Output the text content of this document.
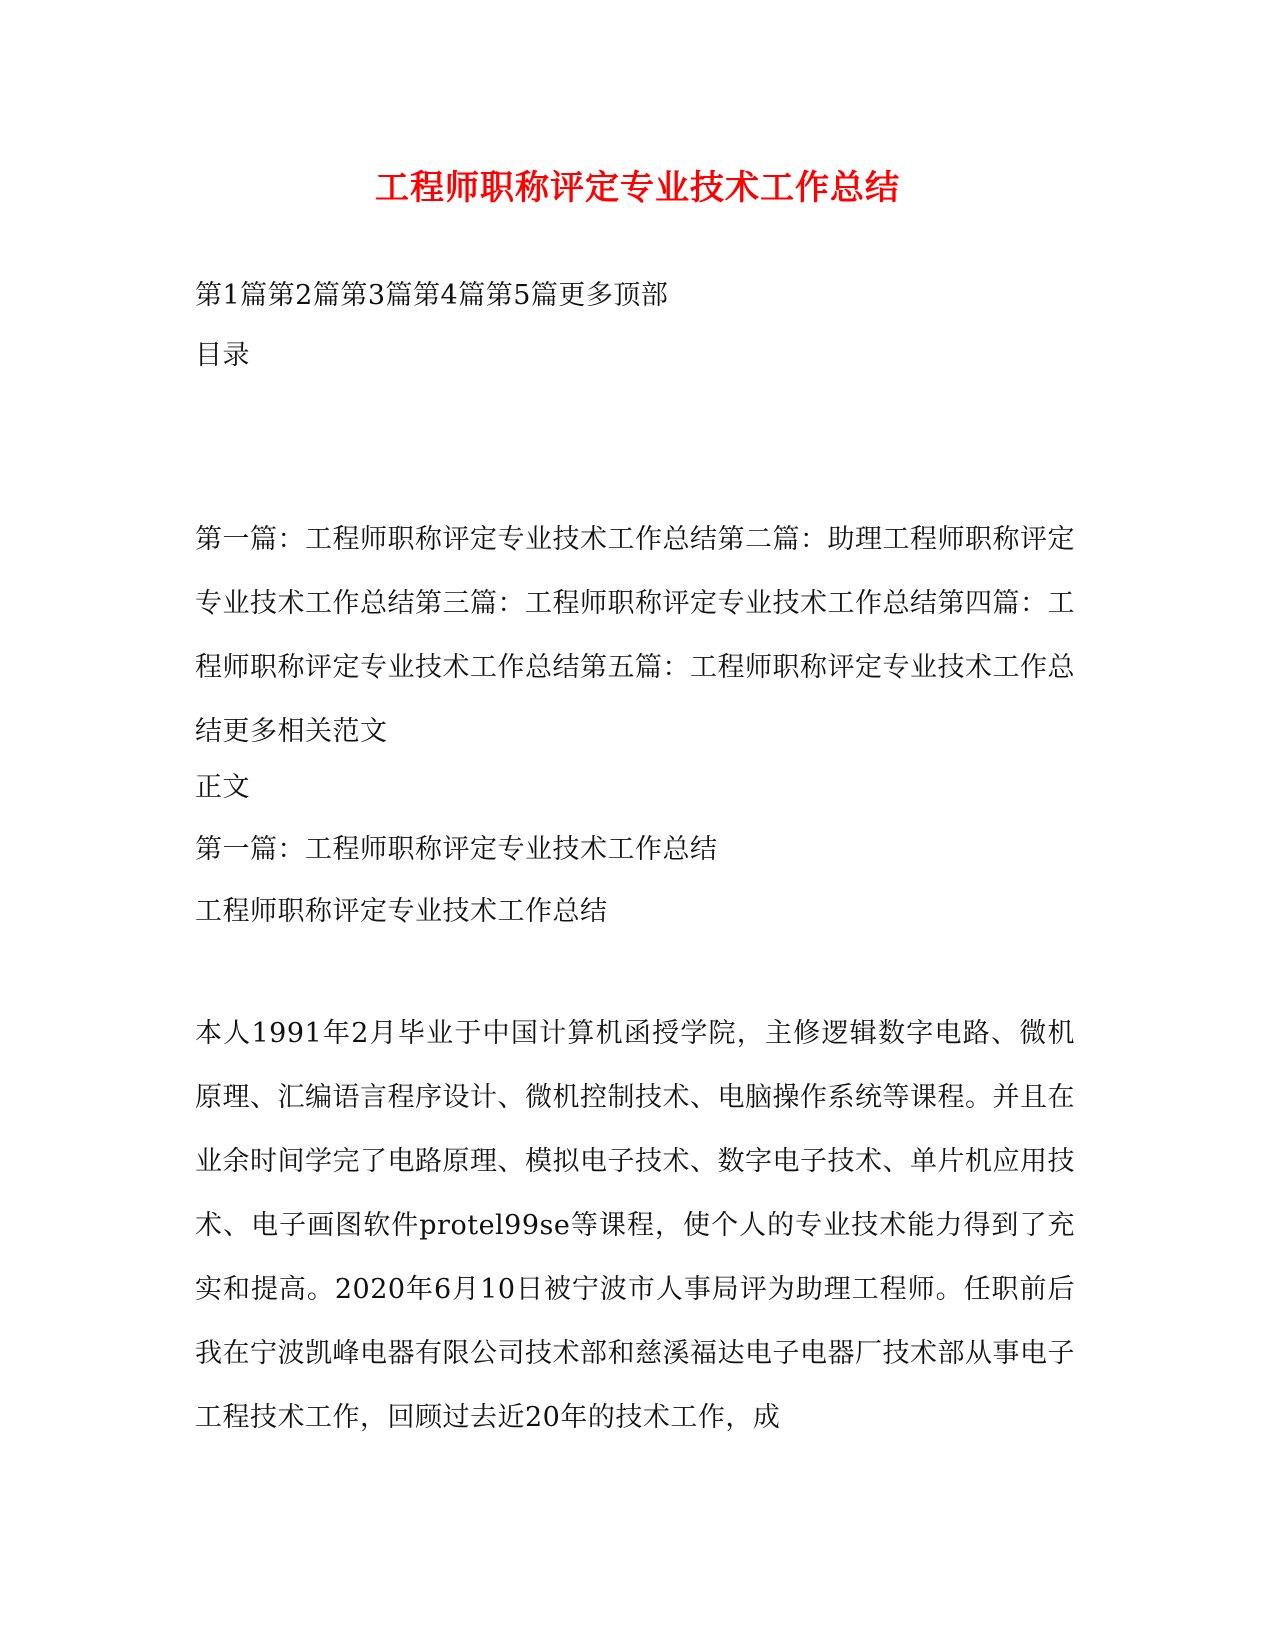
工程师职称评定专业技术工作总结

第1篇第2篇第3篇第4篇第5篇更多顶部

目录

第一篇：工程师职称评定专业技术工作总结第二篇：助理工程师职称评定专业技术工作总结第三篇：工程师职称评定专业技术工作总结第四篇：工程师职称评定专业技术工作总结第五篇：工程师职称评定专业技术工作总结更多相关范文

正文

第一篇：工程师职称评定专业技术工作总结

工程师职称评定专业技术工作总结

本人1991年2月毕业于中国计算机函授学院，主修逻辑数字电路、微机原理、汇编语言程序设计、微机控制技术、电脑操作系统等课程。并且在业余时间学完了电路原理、模拟电子技术、数字电子技术、单片机应用技术、电子画图软件protel99se等课程，使个人的专业技术能力得到了充实和提高。2020年6月10日被宁波市人事局评为助理工程师。任职前后我在宁波凯峰电器有限公司技术部和慈溪福达电子电器厂技术部从事电子工程技术工作，回顾过去近20年的技术工作，成
